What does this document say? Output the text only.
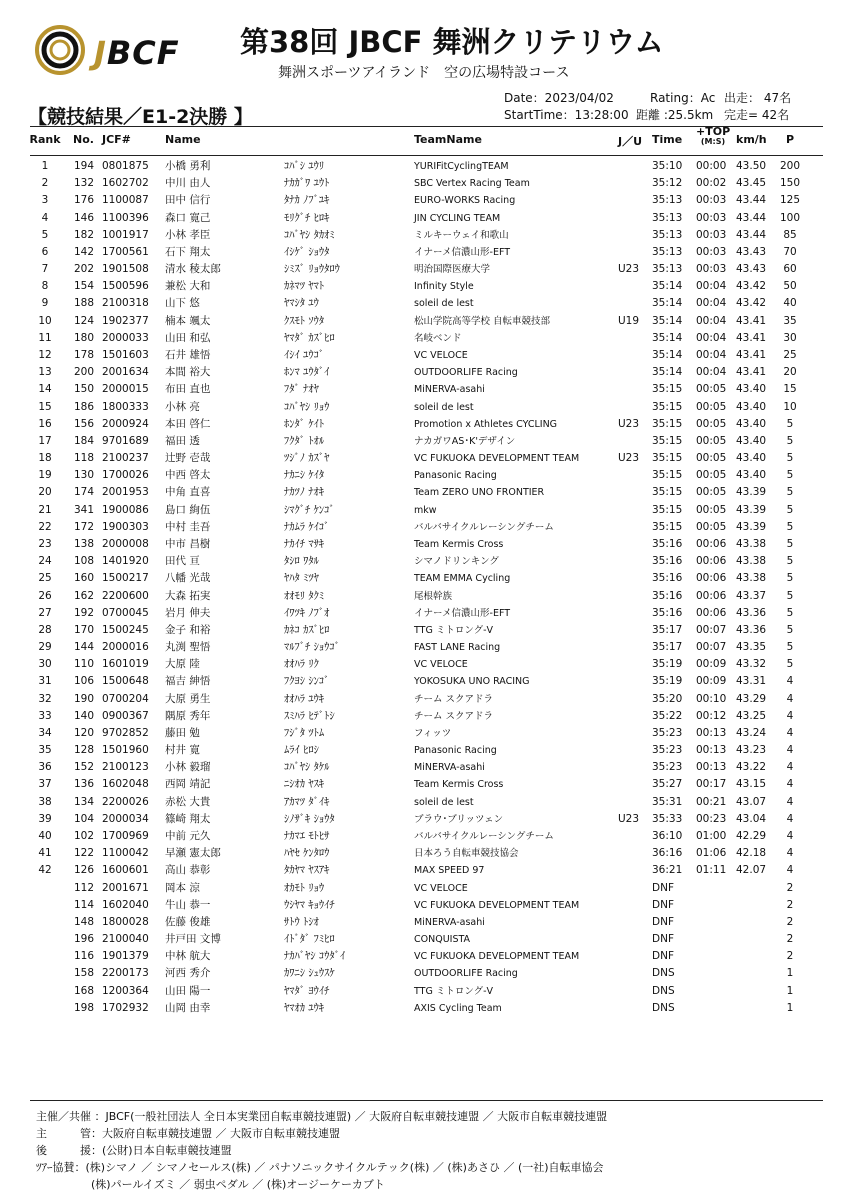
JBCF 第38回 JBCF 舞洲クリテリウム
舞洲スポーツアイランド　空の広場特設コース
【競技結果／E1-2決勝 】
Date：2023/04/02	Rating：Ac 出走： 47名
StartTime：13:28:00 距離 :25.5km 完走= 42名
Rank	No. JCF#	Name	TeamName	J／U Time
+TOP
(M:S) km/h	P
1	194 0801875	小橋 勇利	ｺﾊﾞｼ ﾕｳﾘ	YURIFitCyclingTEAM	35:10	00:00 43.50	200
2	132 1602702	中川 由人	ﾅｶｶﾞﾜ ﾕｳﾄ	SBC Vertex Racing Team	35:12	00:02 43.45	150
3	176 1100087	田中 信行	ﾀﾅｶ ﾉﾌﾞﾕｷ	EURO-WORKS Racing	35:13	00:03 43.44	125
4	146 1100396	森口 寛己	ﾓﾘｸﾞﾁ ﾋﾛｷ	JIN CYCLING TEAM	35:13	00:03 43.44	100
5	182 1001917	小林 孝臣	ｺﾊﾞﾔｼ ﾀｶｵﾐ	ミルキーウェイ和歌山	35:13	00:03 43.44	85
6	142 1700561	石下 翔太	ｲｼｹﾞ ｼｮｳﾀ	イナーメ信濃山形-EFT	35:13	00:03 43.43	70
7	202 1901508	清水 稜太郎	ｼﾐｽﾞ ﾘｮｳﾀﾛｳ	明治国際医療大学	U23	35:13	00:03 43.43	60
8	154 1500596	兼松 大和	ｶﾈﾏﾂ ﾔﾏﾄ	Infinity Style	35:14	00:04 43.42	50
9	188 2100318	山下 悠	ﾔﾏｼﾀ ﾕｳ	soleil de lest	35:14	00:04 43.42	40
10	124 1902377	楠本 颯太	ｸｽﾓﾄ ｿｳﾀ	松山学院高等学校 自転車競技部	U19	35:14	00:04 43.41	35
11	180 2000033	山田 和弘	ﾔﾏﾀﾞ ｶｽﾞﾋﾛ	名岐ベンド	35:14	00:04 43.41	30
12	178 1501603	石井 雄悟	ｲｼｲ ﾕｳｺﾞ	VC VELOCE	35:14	00:04 43.41	25
13	200 2001634	本間 裕大	ﾎﾝﾏ ﾕｳﾀﾞｲ	OUTDOORLIFE Racing	35:14	00:04 43.41	20
14	150 2000015	布田 直也	ﾌﾀﾞ ﾅｵﾔ	MiNERVA-asahi	35:15	00:05 43.40	15
15	186 1800333	小林 亮	ｺﾊﾞﾔｼ ﾘｮｳ	soleil de lest	35:15	00:05 43.40	10
16	156 2000924	本田 啓仁	ﾎﾝﾀﾞ ｹｲﾄ	Promotion x Athletes CYCLING	U23	35:15	00:05 43.40	5
17	184 9701689	福田 透	ﾌｸﾀﾞ ﾄｵﾙ	ナカガワAS･K'デザイン	35:15	00:05 43.40	5
18	118 2100237	辻野 壱哉	ﾂｼﾞﾉ ｶｽﾞﾔ	VC FUKUOKA DEVELOPMENT TEAM	U23	35:15	00:05 43.40	5
19	130 1700026	中西 啓太	ﾅｶﾆｼ ｹｲﾀ	Panasonic Racing	35:15	00:05 43.40	5
20	174 2001953	中角 直喜	ﾅｶﾂﾉ ﾅｵｷ	Team ZERO UNO FRONTIER	35:15	00:05 43.39	5
21	341 1900086	島口 絢伍	ｼﾏｸﾞﾁ ｹﾝｺﾞ	mkw	35:15	00:05 43.39	5
22	172 1900303	中村 圭吾	ﾅｶﾑﾗ ｹｲｺﾞ	バルバサイクルレーシングチーム	35:15	00:05 43.39	5
23	138 2000008	中市 昌樹	ﾅｶｲﾁ ﾏｻｷ	Team Kermis Cross	35:16	00:06 43.38	5
24	108 1401920	田代 亘	ﾀｼﾛ ﾜﾀﾙ	シマノドリンキング	35:16	00:06 43.38	5
25	160 1500217	八幡 光哉	ﾔﾊﾀ ﾐﾂﾔ	TEAM EMMA Cycling	35:16	00:06 43.38	5
26	162 2200600	大森 拓実	ｵｵﾓﾘ ﾀｸﾐ	尾根幹族	35:16	00:06 43.37	5
27	192 0700045	岩月 伸夫	ｲﾜﾂｷ ﾉﾌﾞｵ	イナーメ信濃山形-EFT	35:16	00:06 43.36	5
28	170 1500245	金子 和裕	ｶﾈｺ ｶｽﾞﾋﾛ	TTG ミトロング-V	35:17	00:07 43.36	5
29	144 2000016	丸渕 聖悟	ﾏﾙﾌﾞﾁ ｼｮｳｺﾞ	FAST LANE Racing	35:17	00:07 43.35	5
30	110 1601019	大原 陸	ｵｵﾊﾗ ﾘｸ	VC VELOCE	35:19	00:09 43.32	5
31	106 1500648	福吉 紳悟	ﾌｸﾖｼ ｼﾝｺﾞ	YOKOSUKA UNO RACING	35:19	00:09 43.31	4
32	190 0700204	大原 勇生	ｵｵﾊﾗ ﾕｳｷ	チーム スクアドラ	35:20	00:10 43.29	4
33	140 0900367	隅原 秀年	ｽﾐﾊﾗ ﾋﾃﾞﾄｼ	チーム スクアドラ	35:22	00:12 43.25	4
34	120 9702852	藤田 勉	ﾌｼﾞﾀ ﾂﾄﾑ	フィッツ	35:23	00:13 43.24	4
35	128 1501960	村井 寛	ﾑﾗｲ ﾋﾛｼ	Panasonic Racing	35:23	00:13 43.23	4
36	152 2100123	小林 毅瑠	ｺﾊﾞﾔｼ ﾀｹﾙ	MiNERVA-asahi	35:23	00:13 43.22	4
37	136 1602048	西岡 靖記	ﾆｼｵｶ ﾔｽｷ	Team Kermis Cross	35:27	00:17 43.15	4
38	134 2200026	赤松 大貴	ｱｶﾏﾂ ﾀﾞｲｷ	soleil de lest	35:31	00:21 43.07	4
39	104 2000034	篠崎 翔太	ｼﾉｻﾞｷ ｼｮｳﾀ	ブラウ･ブリッツェン	U23	35:33	00:23 43.04	4
40	102 1700969	中前 元久	ﾅｶﾏｴ ﾓﾄﾋｻ	バルバサイクルレーシングチーム	36:10	01:00 42.29	4
41	122 1100042	早瀬 憲太郎	ﾊﾔｾ ｹﾝﾀﾛｳ	日本ろう自転車競技協会	36:16	01:06 42.18	4
42	126 1600601	高山 恭彰	ﾀｶﾔﾏ ﾔｽｱｷ	MAX SPEED 97	36:21	01:11 42.07	4
112 2001671	岡本 涼	ｵｶﾓﾄ ﾘｮｳ	VC VELOCE	DNF	2
114 1602040	牛山 恭一	ｳｼﾔﾏ ｷｮｳｲﾁ	VC FUKUOKA DEVELOPMENT TEAM	DNF	2
148 1800028	佐藤 俊雄	ｻﾄｳ ﾄｼｵ	MiNERVA-asahi	DNF	2
196 2100040	井戸田 文博	ｲﾄﾞﾀﾞ ﾌﾐﾋﾛ	CONQUISTA	DNF	2
116 1901379	中林 航大	ﾅｶﾊﾞﾔｼ ｺｳﾀﾞｲ	VC FUKUOKA DEVELOPMENT TEAM	DNF	2
158 2200173	河西 秀介	ｶﾜﾆｼ ｼｭｳｽｹ	OUTDOORLIFE Racing	DNS	1
168 1200364	山田 陽一	ﾔﾏﾀﾞ ﾖｳｲﾁ	TTG ミトロング-V	DNS	1
198 1702932	山岡 由幸	ﾔﾏｵｶ ﾕｳｷ	AXIS Cycling Team	DNS	1
主催／共催 ：JBCF(一般社団法人 全日本実業団自転車競技連盟) ／ 大阪府自転車競技連盟 ／ 大阪市自転車競技連盟
主　　　管：大阪府自転車競技連盟 ／ 大阪市自転車競技連盟
後　　　援：(公財)日本自転車競技連盟
ﾂｱｰ協賛：(株)シマノ ／ シマノセールス(株) ／ パナソニックサイクルテック(株) ／ (株)あさひ ／ (一社)自転車協会
　　　　　(株)パールイズミ ／ 弱虫ペダル ／ (株)オージーケーカブト
